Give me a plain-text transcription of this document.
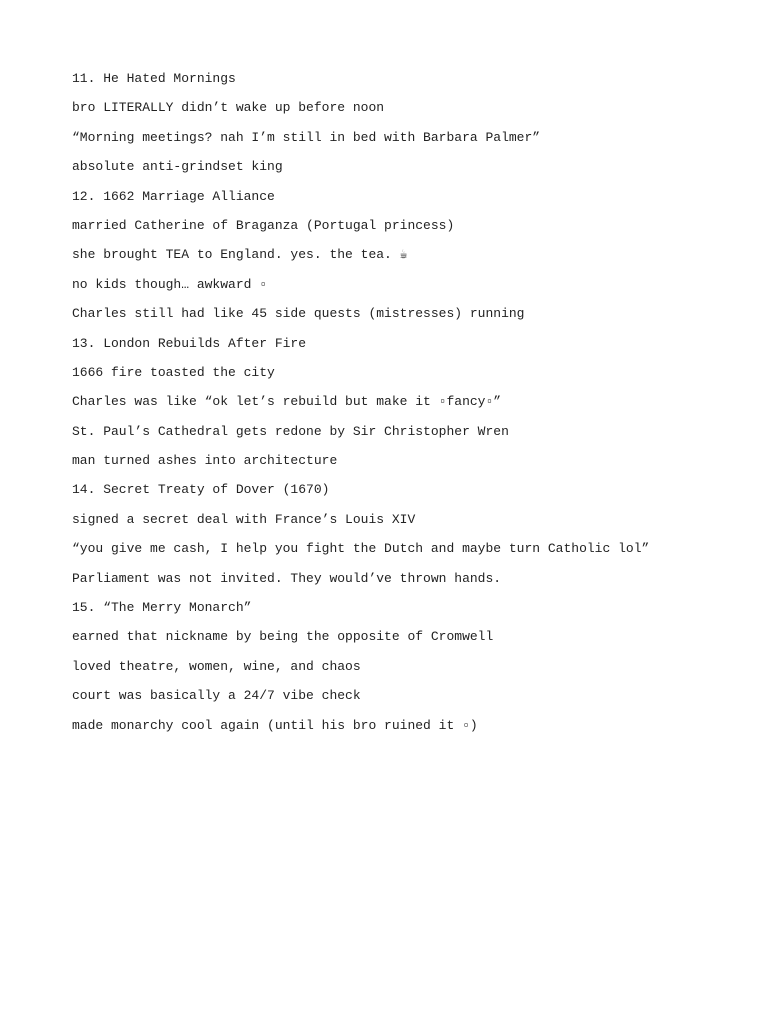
11. He Hated Mornings
bro LITERALLY didn’t wake up before noon
“Morning meetings? nah I’m still in bed with Barbara Palmer”
absolute anti-grindset king
12. 1662 Marriage Alliance
married Catherine of Braganza (Portugal princess)
she brought TEA to England. yes. the tea. ☕
no kids though… awkward ▫
Charles still had like 45 side quests (mistresses) running
13. London Rebuilds After Fire
1666 fire toasted the city
Charles was like “ok let’s rebuild but make it ▫fancy▫”
St. Paul’s Cathedral gets redone by Sir Christopher Wren
man turned ashes into architecture
14. Secret Treaty of Dover (1670)
signed a secret deal with France’s Louis XIV
“you give me cash, I help you fight the Dutch and maybe turn Catholic lol”
Parliament was not invited. They would’ve thrown hands.
15. “The Merry Monarch”
earned that nickname by being the opposite of Cromwell
loved theatre, women, wine, and chaos
court was basically a 24/7 vibe check
made monarchy cool again (until his bro ruined it ▫)
